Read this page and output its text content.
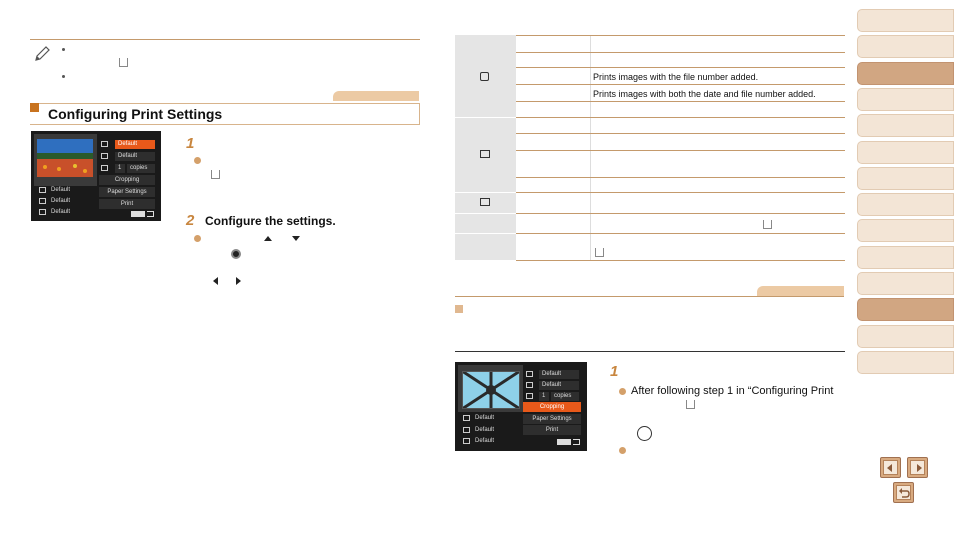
Configuring Print Settings
Default
Default
1	copies
Cropping
Paper Settings
Print
Default
Default
Default
1
2 Configure the settings.
Prints images with the file number added.
Prints images with both the date and file number added.
Default
Default
1	copies
Cropping
Paper Settings
Print
Default
Default
Default
1
After following step 1 in “Configuring Print
